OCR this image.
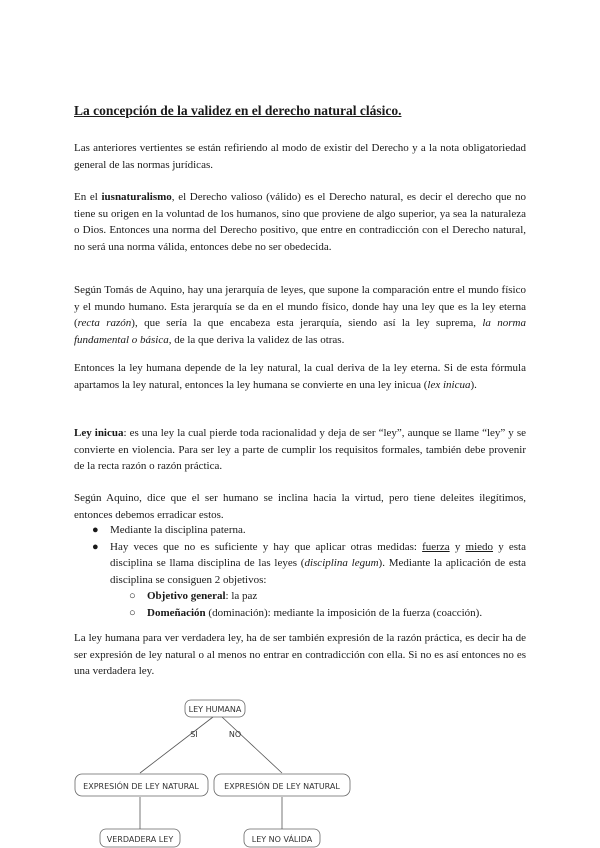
La concepción de la validez en el derecho natural clásico.
Las anteriores vertientes se están refiriendo al modo de existir del Derecho y a la nota obligatoriedad general de las normas jurídicas.
En el iusnaturalismo, el Derecho valioso (válido) es el Derecho natural, es decir el derecho que no tiene su origen en la voluntad de los humanos, sino que proviene de algo superior, ya sea la naturaleza o Dios. Entonces una norma del Derecho positivo, que entre en contradicción con el Derecho natural, no será una norma válida, entonces debe no ser obedecida.
Según Tomás de Aquino, hay una jerarquía de leyes, que supone la comparación entre el mundo físico y el mundo humano. Esta jerarquía se da en el mundo físico, donde hay una ley que es la ley eterna (recta razón), que sería la que encabeza esta jerarquía, siendo así la ley suprema, la norma fundamental o básica, de la que deriva la validez de las otras.
Entonces la ley humana depende de la ley natural, la cual deriva de la ley eterna. Si de esta fórmula apartamos la ley natural, entonces la ley humana se convierte en una ley inicua (lex inicua).
Ley inicua: es una ley la cual pierde toda racionalidad y deja de ser “ley”, aunque se llame “ley” y se convierte en violencia. Para ser ley a parte de cumplir los requisitos formales, también debe provenir de la recta razón o razón práctica.
Según Aquino, dice que el ser humano se inclina hacia la virtud, pero tiene deleites ilegítimos, entonces debemos erradicar estos.
● Mediante la disciplina paterna.
● Hay veces que no es suficiente y hay que aplicar otras medidas: fuerza y miedo y esta disciplina se llama disciplina de las leyes (disciplina legum). Mediante la aplicación de esta disciplina se consiguen 2 objetivos:
○ Objetivo general: la paz
○ Domeñación (dominación): mediante la imposición de la fuerza (coacción).
La ley humana para ver verdadera ley, ha de ser también expresión de la razón práctica, es decir ha de ser expresión de ley natural o al menos no entrar en contradicción con ella. Si no es así entonces no es una verdadera ley.
LEY HUMANA
SÍ	NO
EXPRESIÓN DE LEY NATURAL	EXPRESIÓN DE LEY NATURAL
VERDADERA LEY	LEY NO VÁLIDA
